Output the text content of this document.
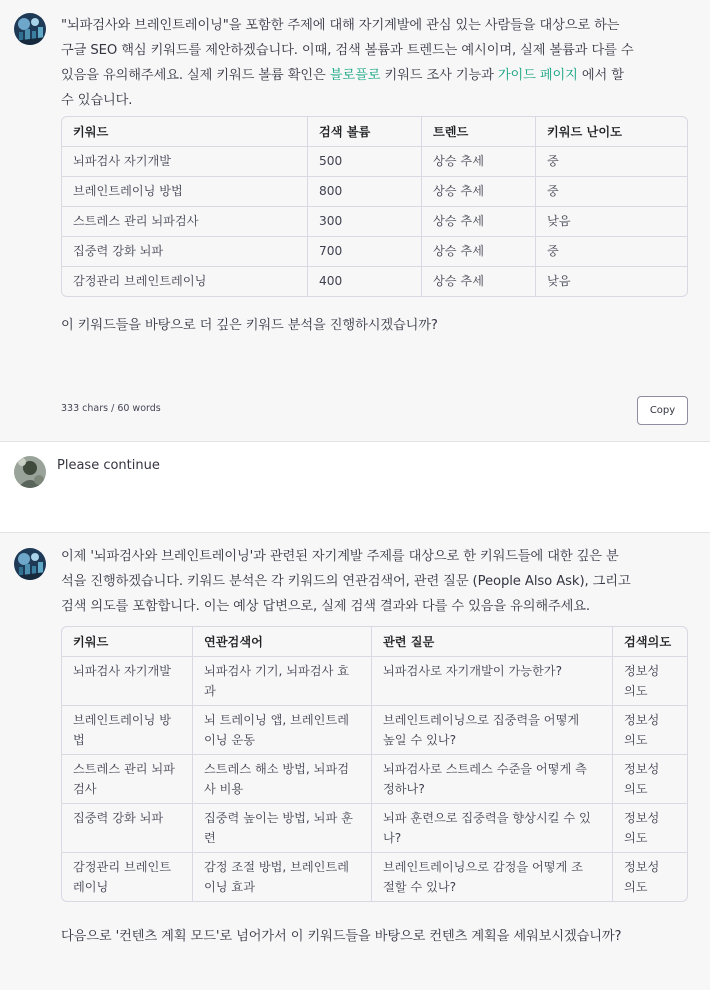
"뇌파검사와 브레인트레이닝"을 포함한 주제에 대해 자기계발에 관심 있는 사람들을 대상으로 하는
구글 SEO 핵심 키워드를 제안하겠습니다. 이때, 검색 볼륨과 트렌드는 예시이며, 실제 볼륨과 다를 수
있음을 유의해주세요. 실제 키워드 볼륨 확인은 블로플로 키워드 조사 기능과 가이드 페이지 에서 할
수 있습니다.

키워드	검색 볼륨	트렌드	키워드 난이도
뇌파검사 자기개발	500	상승 추세	중
브레인트레이닝 방법	800	상승 추세	중
스트레스 관리 뇌파검사	300	상승 추세	낮음
집중력 강화 뇌파	700	상승 추세	중
감정관리 브레인트레이닝	400	상승 추세	낮음

이 키워드들을 바탕으로 더 깊은 키워드 분석을 진행하시겠습니까?

333 chars / 60 words	Copy
Please continue

이제 '뇌파검사와 브레인트레이닝'과 관련된 자기계발 주제를 대상으로 한 키워드들에 대한 깊은 분
석을 진행하겠습니다. 키워드 분석은 각 키워드의 연관검색어, 관련 질문 (People Also Ask), 그리고
검색 의도를 포함합니다. 이는 예상 답변으로, 실제 검색 결과와 다를 수 있음을 유의해주세요.

키워드	연관검색어	관련 질문	검색의도
뇌파검사 자기개발	뇌파검사 기기, 뇌파검사 효
과	뇌파검사로 자기개발이 가능한가?	정보성
의도
브레인트레이닝 방
법	뇌 트레이닝 앱, 브레인트레
이닝 운동	브레인트레이닝으로 집중력을 어떻게
높일 수 있나?	정보성
의도
스트레스 관리 뇌파
검사	스트레스 해소 방법, 뇌파검
사 비용	뇌파검사로 스트레스 수준을 어떻게 측
정하나?	정보성
의도
집중력 강화 뇌파	집중력 높이는 방법, 뇌파 훈
련	뇌파 훈련으로 집중력을 향상시킬 수 있
나?	정보성
의도
감정관리 브레인트
레이닝	감정 조절 방법, 브레인트레
이닝 효과	브레인트레이닝으로 감정을 어떻게 조
절할 수 있나?	정보성
의도

다음으로 '컨텐츠 계획 모드'로 넘어가서 이 키워드들을 바탕으로 컨텐츠 계획을 세워보시겠습니까?
